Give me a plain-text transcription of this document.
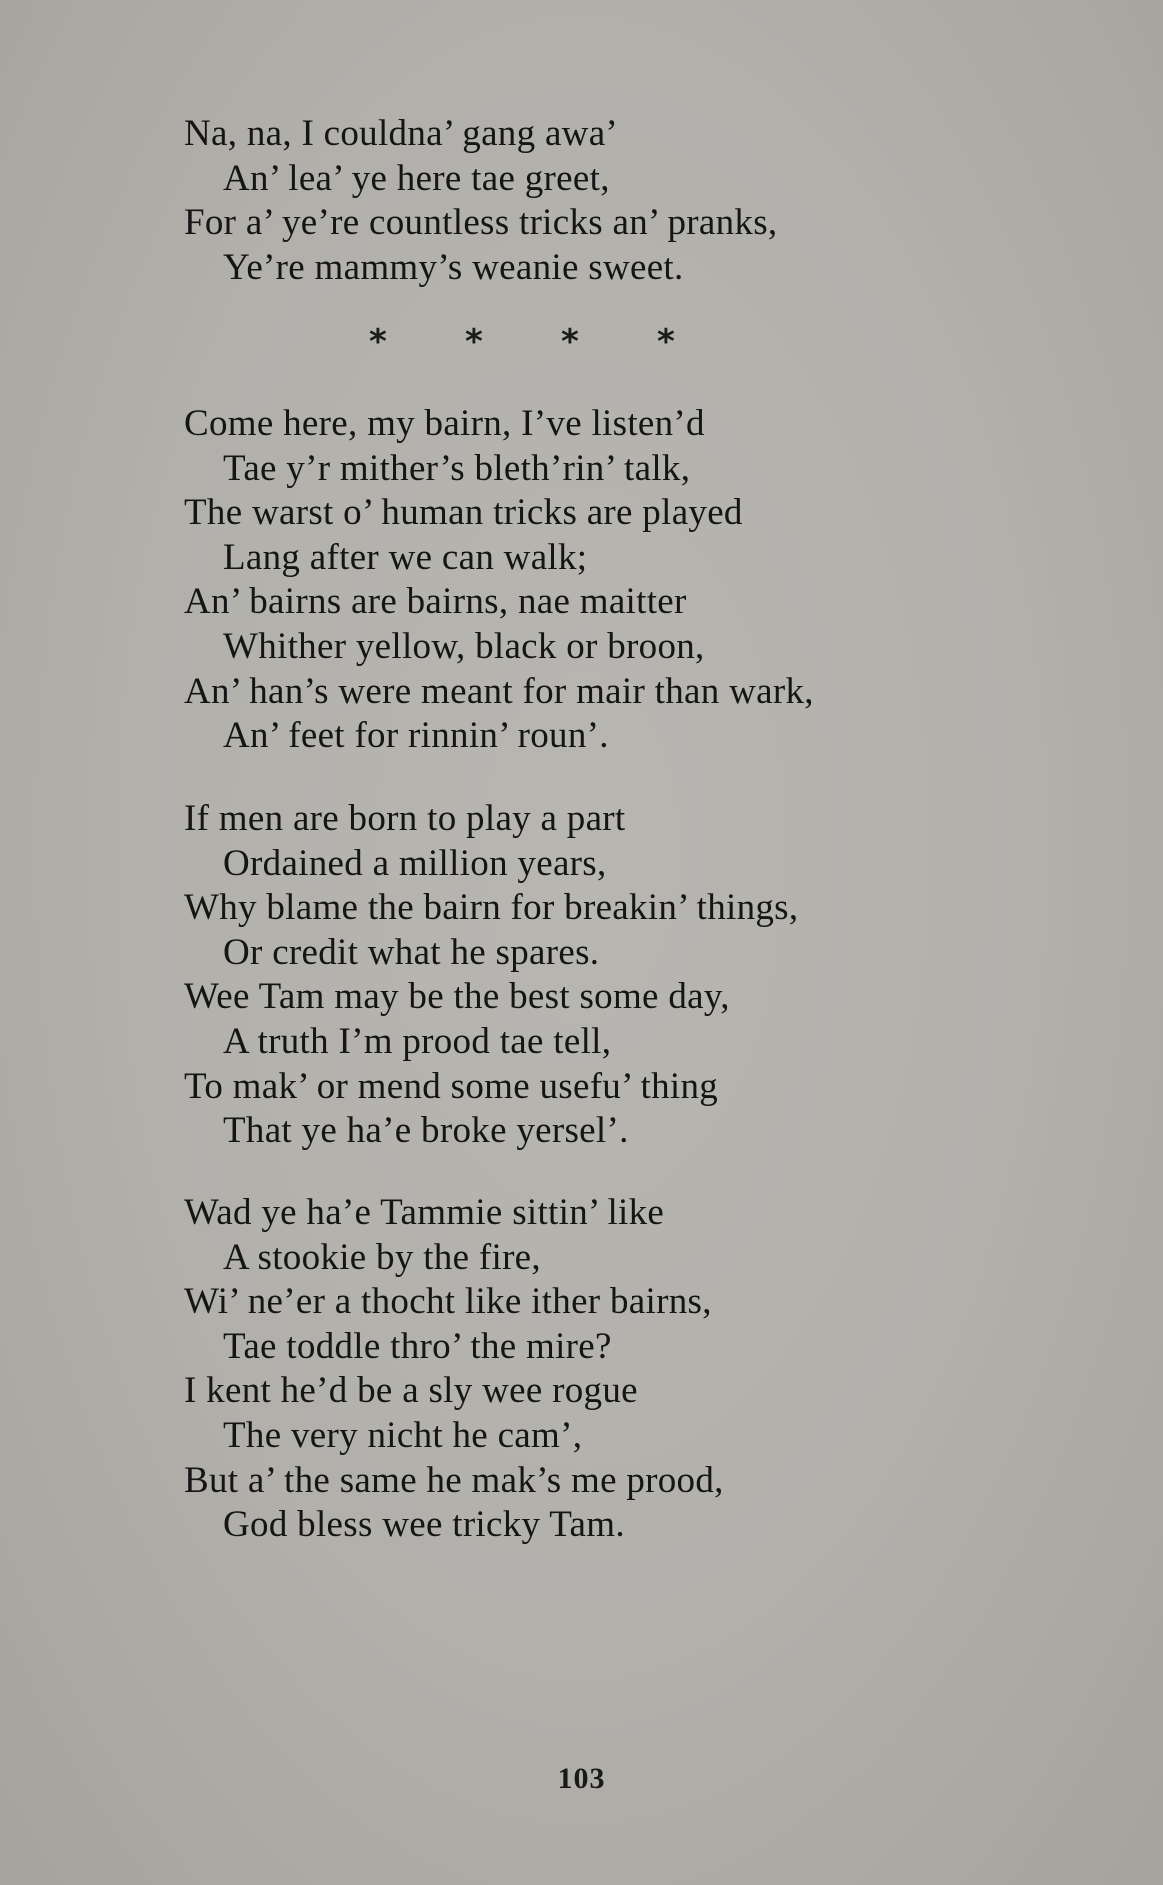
Na, na, I couldna’ gang awa’
An’ lea’ ye here tae greet,
For a’ ye’re countless tricks an’ pranks,
Ye’re mammy’s weanie sweet.
* * * *
Come here, my bairn, I’ve listen’d
Tae y’r mither’s bleth’rin’ talk,
The warst o’ human tricks are played
Lang after we can walk;
An’ bairns are bairns, nae maitter
Whither yellow, black or broon,
An’ han’s were meant for mair than wark,
An’ feet for rinnin’ roun’.
If men are born to play a part
Ordained a million years,
Why blame the bairn for breakin’ things,
Or credit what he spares.
Wee Tam may be the best some day,
A truth I’m prood tae tell,
To mak’ or mend some usefu’ thing
That ye ha’e broke yersel’.
Wad ye ha’e Tammie sittin’ like
A stookie by the fire,
Wi’ ne’er a thocht like ither bairns,
Tae toddle thro’ the mire?
I kent he’d be a sly wee rogue
The very nicht he cam’,
But a’ the same he mak’s me prood,
God bless wee tricky Tam.
103
